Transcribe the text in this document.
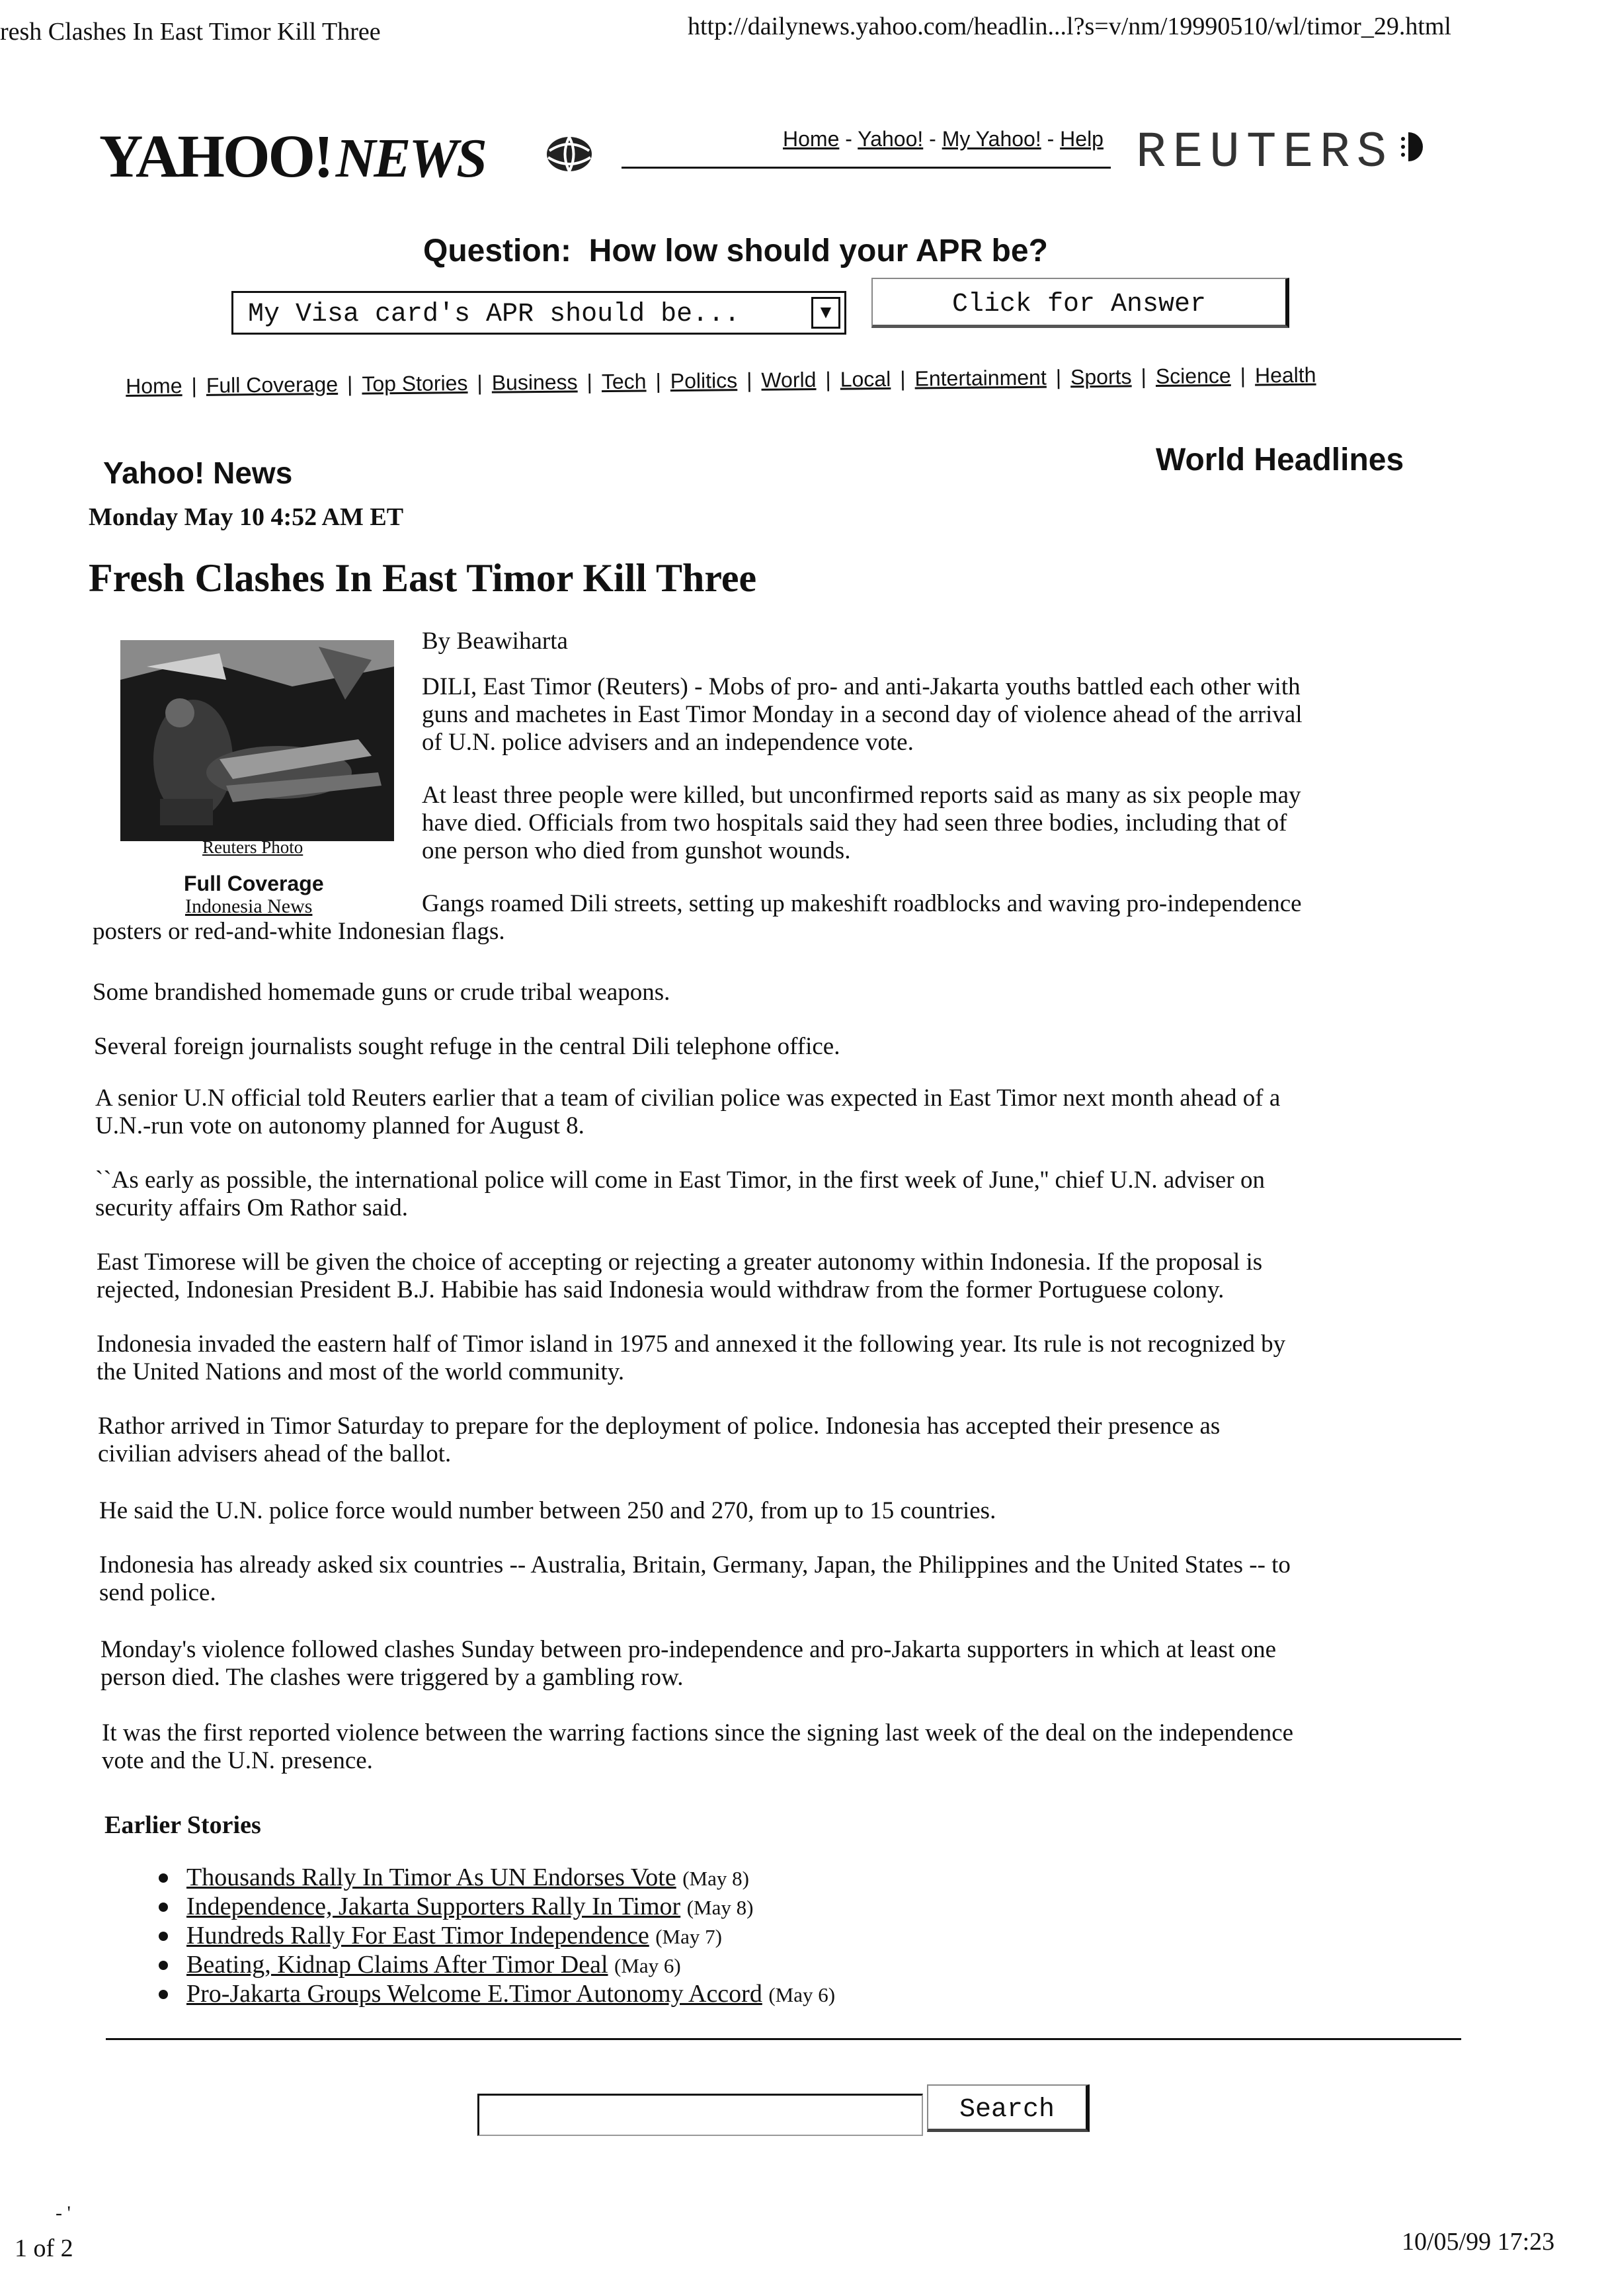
resh Clashes In East Timor Kill Three	http://dailynews.yahoo.com/headlin...l?s=v/nm/19990510/wl/timor_29.html
YAHOO!NEWS	Home - Yahoo! - My Yahoo! - Help REUTERS
Question:  How low should your APR be?
My Visa card's APR should be...	▼	Click for Answer
Home | Full Coverage | Top Stories | Business | Tech | Politics | World | Local | Entertainment | Sports | Science | Health
Yahoo! News	World Headlines
Monday May 10 4:52 AM ET
Fresh Clashes In East Timor Kill Three
Reuters Photo
Full Coverage
Indonesia News
By Beawiharta
DILI, East Timor (Reuters) - Mobs of pro- and anti-Jakarta youths battled each other with
guns and machetes in East Timor Monday in a second day of violence ahead of the arrival
of U.N. police advisers and an independence vote.
At least three people were killed, but unconfirmed reports said as many as six people may
have died. Officials from two hospitals said they had seen three bodies, including that of
one person who died from gunshot wounds.
Gangs roamed Dili streets, setting up makeshift roadblocks and waving pro-independence
posters or red-and-white Indonesian flags.
Some brandished homemade guns or crude tribal weapons.
Several foreign journalists sought refuge in the central Dili telephone office.
A senior U.N official told Reuters earlier that a team of civilian police was expected in East Timor next month ahead of a
U.N.-run vote on autonomy planned for August 8.
``As early as possible, the international police will come in East Timor, in the first week of June,'' chief U.N. adviser on
security affairs Om Rathor said.
East Timorese will be given the choice of accepting or rejecting a greater autonomy within Indonesia. If the proposal is
rejected, Indonesian President B.J. Habibie has said Indonesia would withdraw from the former Portuguese colony.
Indonesia invaded the eastern half of Timor island in 1975 and annexed it the following year. Its rule is not recognized by
the United Nations and most of the world community.
Rathor arrived in Timor Saturday to prepare for the deployment of police. Indonesia has accepted their presence as
civilian advisers ahead of the ballot.
He said the U.N. police force would number between 250 and 270, from up to 15 countries.
Indonesia has already asked six countries -- Australia, Britain, Germany, Japan, the Philippines and the United States -- to
send police.
Monday's violence followed clashes Sunday between pro-independence and pro-Jakarta supporters in which at least one
person died. The clashes were triggered by a gambling row.
It was the first reported violence between the warring factions since the signing last week of the deal on the independence
vote and the U.N. presence.
Earlier Stories
Thousands Rally In Timor As UN Endorses Vote (May 8)
Independence, Jakarta Supporters Rally In Timor (May 8)
Hundreds Rally For East Timor Independence (May 7)
Beating, Kidnap Claims After Timor Deal (May 6)
Pro-Jakarta Groups Welcome E.Timor Autonomy Accord (May 6)
Search
- '
1 of 2	10/05/99 17:23
